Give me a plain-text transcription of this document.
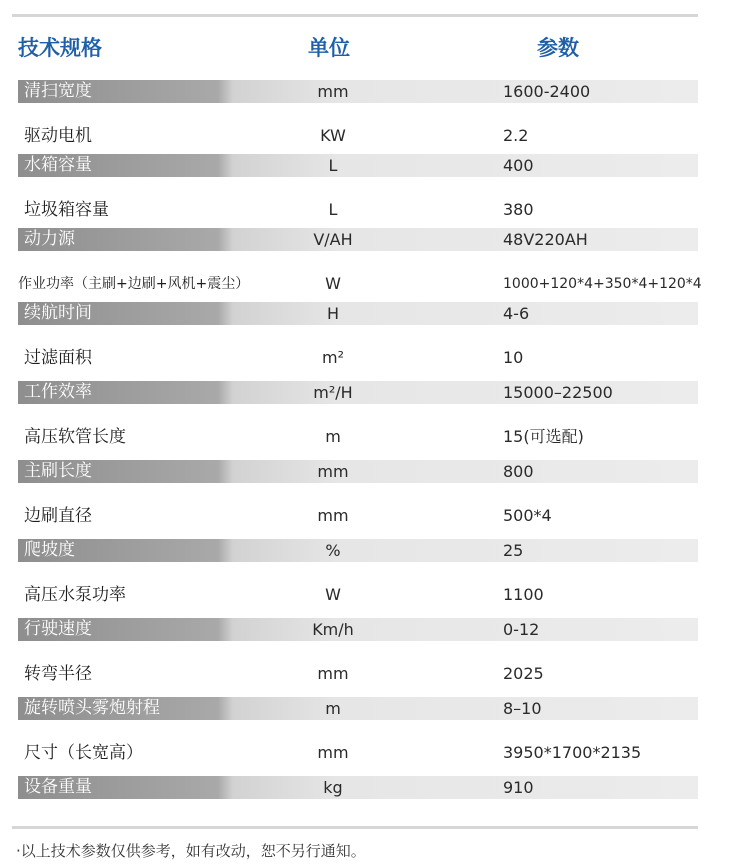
技术规格	单位	参数
清扫宽度	mm	1600-2400
驱动电机	KW	2.2
水箱容量	L	400
垃圾箱容量	L	380
动力源	V/AH	48V220AH
作业功率（主刷+边刷+风机+震尘）	W	1000+120*4+350*4+120*4
续航时间	H	4-6
过滤面积	m²	10
工作效率	m²/H	15000–22500
高压软管长度	m	15(可选配)
主刷长度	mm	800
边刷直径	mm	500*4
爬坡度	%	25
高压水泵功率	W	1100
行驶速度	Km/h	0-12
转弯半径	mm	2025
旋转喷头雾炮射程	m	8–10
尺寸（长宽高）	mm	3950*1700*2135
设备重量	kg	910
·以上技术参数仅供参考，如有改动，恕不另行通知。
